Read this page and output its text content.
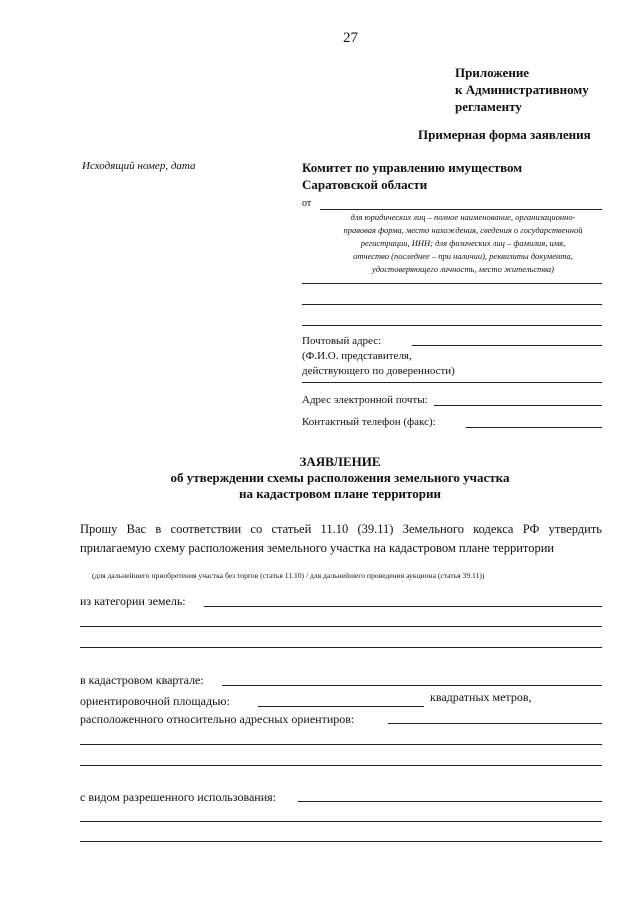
27
Приложение
к Административному
регламенту
Примерная форма заявления
Исходящий номер, дата	Комитет по управлению имуществом
Саратовской области
от
для юридических лиц – полное наименование, организационно-
правовая форма, место нахождения, сведения о государственной
регистрации, ИНН; для физических лиц – фамилия, имя,
отчество (последнее – при наличии), реквизиты документа,
удостоверяющего личность, место жительства)
Почтовый адрес:
(Ф.И.О. представителя,
действующего по доверенности)
Адрес электронной почты:
Контактный телефон (факс):
ЗАЯВЛЕНИЕ
об утверждении схемы расположения земельного участка
на кадастровом плане территории
Прошу Вас в соответствии со статьей 11.10 (39.11) Земельного кодекса РФ утвердить
прилагаемую схему расположения земельного участка на кадастровом плане территории
(для дальнейшего приобретения участка без торгов (статья 11.10) / для дальнейшего проведения аукциона (статья 39.11))
из категории земель:
в кадастровом квартале:
ориентировочной площадью:	квадратных метров,
расположенного относительно адресных ориентиров:
с видом разрешенного использования:
